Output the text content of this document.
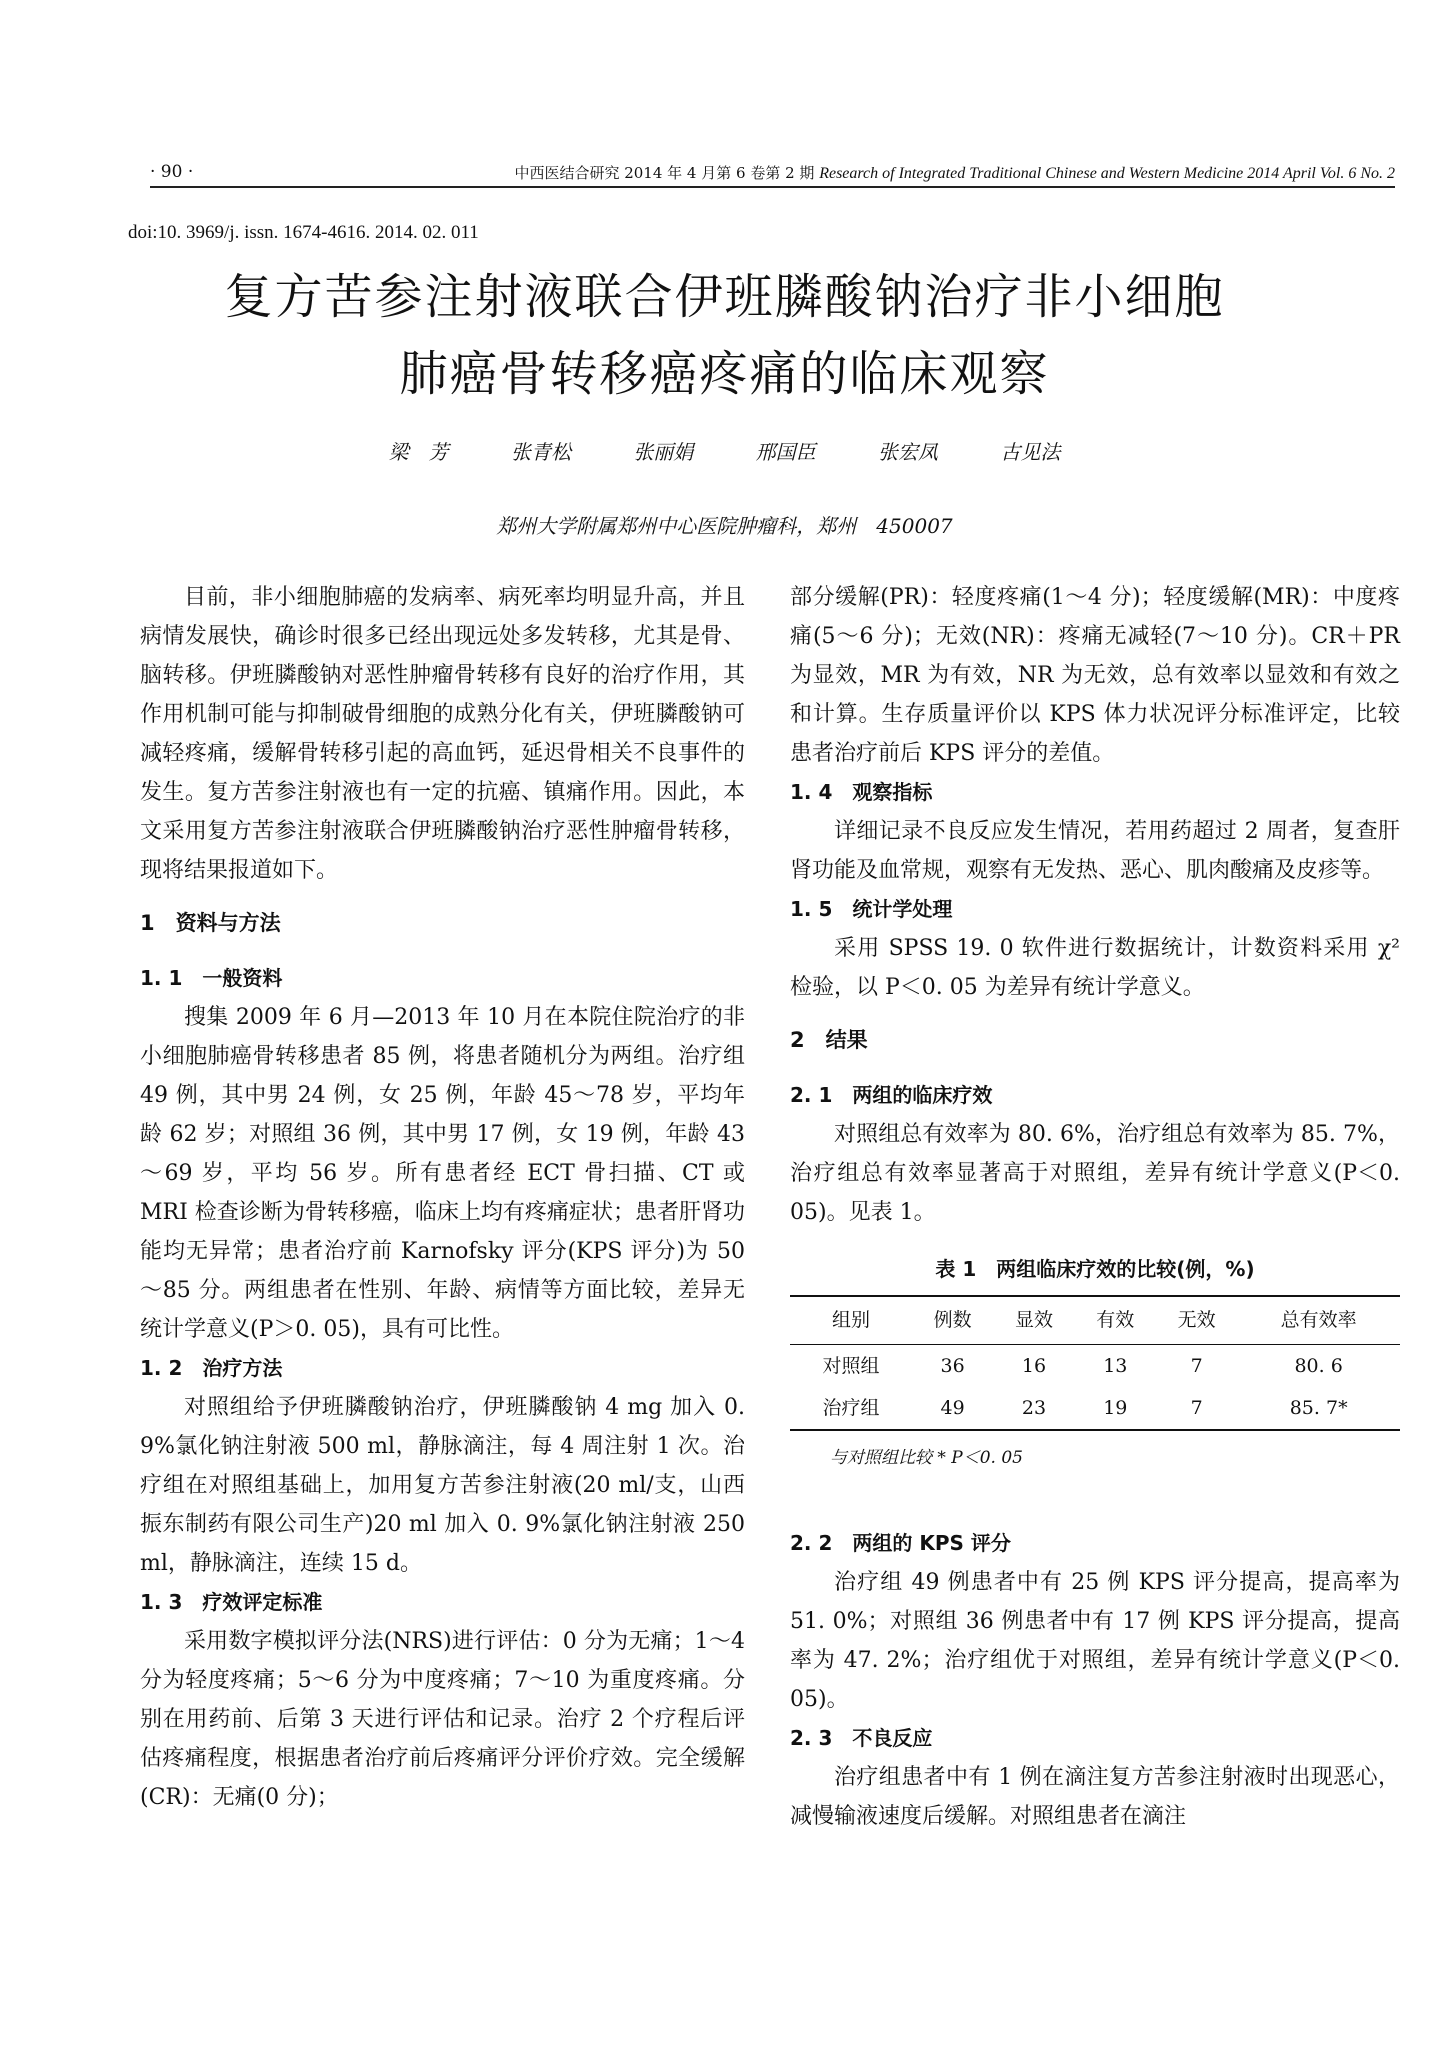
· 90 ·	中西医结合研究 2014 年 4 月第 6 卷第 2 期 Research of Integrated Traditional Chinese and Western Medicine 2014 April Vol. 6 No. 2
doi:10. 3969/j. issn. 1674-4616. 2014. 02. 011
复方苦参注射液联合伊班膦酸钠治疗非小细胞
肺癌骨转移癌疼痛的临床观察
梁　芳	张青松	张丽娟	邢国臣	张宏凤	古见法
郑州大学附属郑州中心医院肿瘤科，郑州　450007

目前，非小细胞肺癌的发病率、病死率均明显升高，并且病情发展快，确诊时很多已经出现远处多发转移，尤其是骨、脑转移。伊班膦酸钠对恶性肿瘤骨转移有良好的治疗作用，其作用机制可能与抑制破骨细胞的成熟分化有关，伊班膦酸钠可减轻疼痛，缓解骨转移引起的高血钙，延迟骨相关不良事件的发生。复方苦参注射液也有一定的抗癌、镇痛作用。因此，本文采用复方苦参注射液联合伊班膦酸钠治疗恶性肿瘤骨转移，现将结果报道如下。

1　资料与方法
1. 1　一般资料

搜集 2009 年 6 月—2013 年 10 月在本院住院治疗的非小细胞肺癌骨转移患者 85 例，将患者随机分为两组。治疗组 49 例，其中男 24 例，女 25 例，年龄 45～78 岁，平均年龄 62 岁；对照组 36 例，其中男 17 例，女 19 例，年龄 43～69 岁，平均 56 岁。所有患者经 ECT 骨扫描、CT 或 MRI 检查诊断为骨转移癌，临床上均有疼痛症状；患者肝肾功能均无异常；患者治疗前 Karnofsky 评分(KPS 评分)为 50～85 分。两组患者在性别、年龄、病情等方面比较，差异无统计学意义(P＞0. 05)，具有可比性。

1. 2　治疗方法

对照组给予伊班膦酸钠治疗，伊班膦酸钠 4 mg 加入 0. 9%氯化钠注射液 500 ml，静脉滴注，每 4 周注射 1 次。治疗组在对照组基础上，加用复方苦参注射液(20 ml/支，山西振东制药有限公司生产)20 ml 加入 0. 9%氯化钠注射液 250 ml，静脉滴注，连续 15 d。

1. 3　疗效评定标准

采用数字模拟评分法(NRS)进行评估：0 分为无痛；1～4 分为轻度疼痛；5～6 分为中度疼痛；7～10 为重度疼痛。分别在用药前、后第 3 天进行评估和记录。治疗 2 个疗程后评估疼痛程度，根据患者治疗前后疼痛评分评价疗效。完全缓解(CR)：无痛(0 分)；

部分缓解(PR)：轻度疼痛(1～4 分)；轻度缓解(MR)：中度疼痛(5～6 分)；无效(NR)：疼痛无减轻(7～10 分)。CR＋PR 为显效，MR 为有效，NR 为无效，总有效率以显效和有效之和计算。生存质量评价以 KPS 体力状况评分标准评定，比较患者治疗前后 KPS 评分的差值。

1. 4　观察指标

详细记录不良反应发生情况，若用药超过 2 周者，复查肝肾功能及血常规，观察有无发热、恶心、肌肉酸痛及皮疹等。

1. 5　统计学处理

采用 SPSS 19. 0 软件进行数据统计，计数资料采用 χ² 检验，以 P＜0. 05 为差异有统计学意义。

2　结果
2. 1　两组的临床疗效

对照组总有效率为 80. 6%，治疗组总有效率为 85. 7%，治疗组总有效率显著高于对照组，差异有统计学意义(P＜0. 05)。见表 1。

表 1　两组临床疗效的比较(例，%)
组别	例数	显效	有效	无效	总有效率
对照组	36	16	13	7	80. 6
治疗组	49	23	19	7	85. 7*
与对照组比较 * P＜0. 05
2. 2　两组的 KPS 评分

治疗组 49 例患者中有 25 例 KPS 评分提高，提高率为 51. 0%；对照组 36 例患者中有 17 例 KPS 评分提高，提高率为 47. 2%；治疗组优于对照组，差异有统计学意义(P＜0. 05)。

2. 3　不良反应

治疗组患者中有 1 例在滴注复方苦参注射液时出现恶心，减慢输液速度后缓解。对照组患者在滴注
